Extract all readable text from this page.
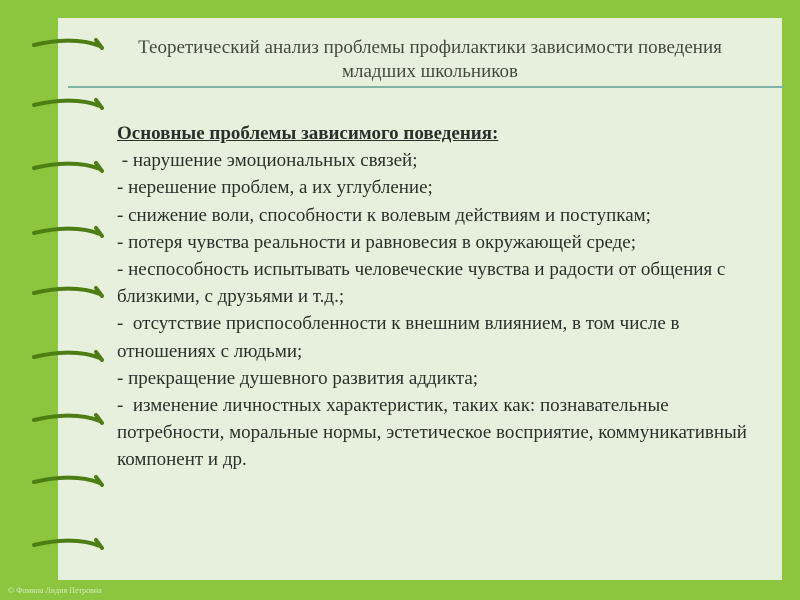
Теоретический анализ проблемы профилактики зависимости поведения младших школьников
Основные проблемы зависимого поведения:
- нарушение эмоциональных связей;
- нерешение проблем, а их углубление;
- снижение воли, способности к волевым действиям и поступкам;
- потеря чувства реальности и равновесия в окружающей среде;
- неспособность испытывать человеческие чувства и радости от общения с близкими, с друзьями и т.д.;
-  отсутствие приспособленности к внешним влиянием, в том числе в отношениях с людьми;
- прекращение душевного развития аддикта;
-  изменение личностных характеристик, таких как: познавательные потребности, моральные нормы, эстетическое восприятие, коммуникативный компонент и др.
© Фомина Лидия Петровна
